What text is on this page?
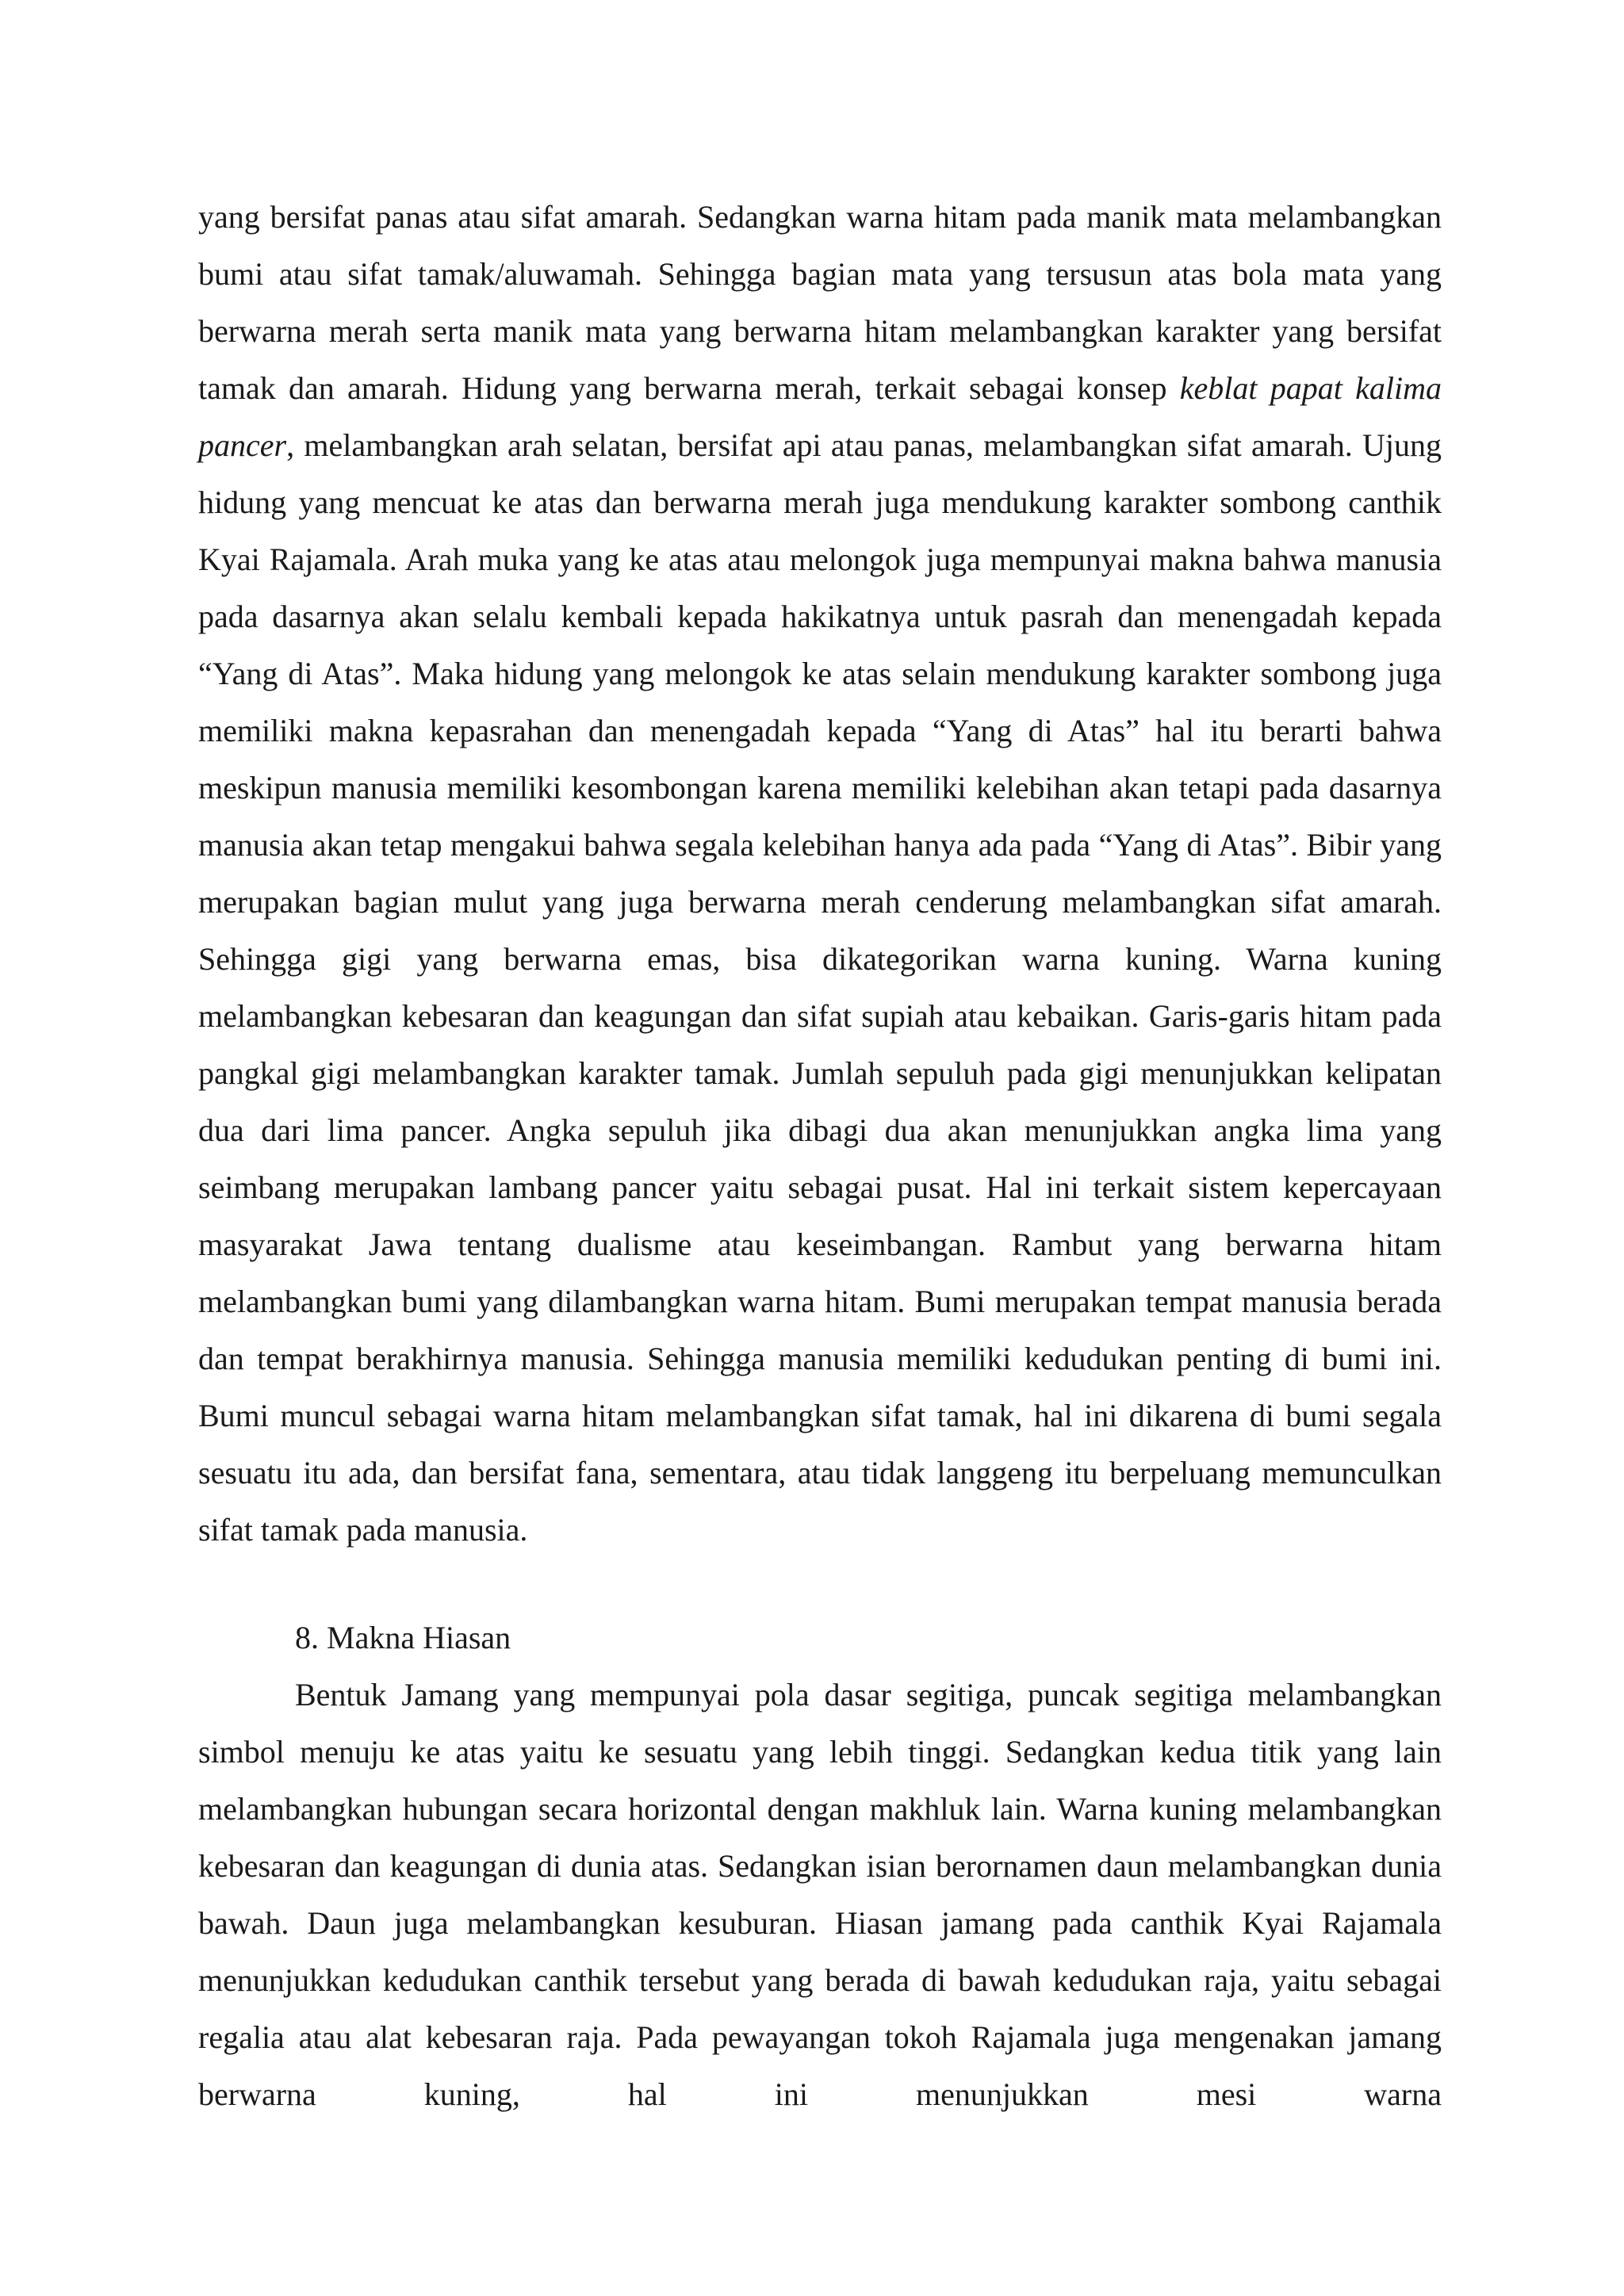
yang bersifat panas atau sifat amarah. Sedangkan warna hitam pada manik mata melambangkan bumi atau sifat tamak/aluwamah. Sehingga bagian mata yang tersusun atas bola mata yang berwarna merah serta manik mata yang berwarna hitam melambangkan karakter yang bersifat tamak dan amarah. Hidung yang berwarna merah, terkait sebagai konsep keblat papat kalima pancer, melambangkan arah selatan, bersifat api atau panas, melambangkan sifat amarah. Ujung hidung yang mencuat ke atas dan berwarna merah juga mendukung karakter sombong canthik Kyai Rajamala. Arah muka yang ke atas atau melongok juga mempunyai makna bahwa manusia pada dasarnya akan selalu kembali kepada hakikatnya untuk pasrah dan menengadah kepada “Yang di Atas”. Maka hidung yang melongok ke atas selain mendukung karakter sombong juga memiliki makna kepasrahan dan menengadah kepada “Yang di Atas” hal itu berarti bahwa meskipun manusia memiliki kesombongan karena memiliki kelebihan akan tetapi pada dasarnya manusia akan tetap mengakui bahwa segala kelebihan hanya ada pada “Yang di Atas”. Bibir yang merupakan bagian mulut yang juga berwarna merah cenderung melambangkan sifat amarah. Sehingga gigi yang berwarna emas, bisa dikategorikan warna kuning. Warna kuning melambangkan kebesaran dan keagungan dan sifat supiah atau kebaikan. Garis-garis hitam pada pangkal gigi melambangkan karakter tamak. Jumlah sepuluh pada gigi menunjukkan kelipatan dua dari lima pancer. Angka sepuluh jika dibagi dua akan menunjukkan angka lima yang seimbang merupakan lambang pancer yaitu sebagai pusat. Hal ini terkait sistem kepercayaan masyarakat Jawa tentang dualisme atau keseimbangan. Rambut yang berwarna hitam melambangkan bumi yang dilambangkan warna hitam. Bumi merupakan tempat manusia berada dan tempat berakhirnya manusia. Sehingga manusia memiliki kedudukan penting di bumi ini. Bumi muncul sebagai warna hitam melambangkan sifat tamak, hal ini dikarena di bumi segala sesuatu itu ada, dan bersifat fana, sementara, atau tidak langgeng itu berpeluang memunculkan sifat tamak pada manusia.

8. Makna Hiasan

Bentuk Jamang yang mempunyai pola dasar segitiga, puncak segitiga melambangkan simbol menuju ke atas yaitu ke sesuatu yang lebih tinggi. Sedangkan kedua titik yang lain melambangkan hubungan secara horizontal dengan makhluk lain. Warna kuning melambangkan kebesaran dan keagungan di dunia atas. Sedangkan isian berornamen daun melambangkan dunia bawah. Daun juga melambangkan kesuburan. Hiasan jamang pada canthik Kyai Rajamala menunjukkan kedudukan canthik tersebut yang berada di bawah kedudukan raja, yaitu sebagai regalia atau alat kebesaran raja. Pada pewayangan tokoh Rajamala juga mengenakan jamang berwarna kuning, hal ini menunjukkan mesi warna
